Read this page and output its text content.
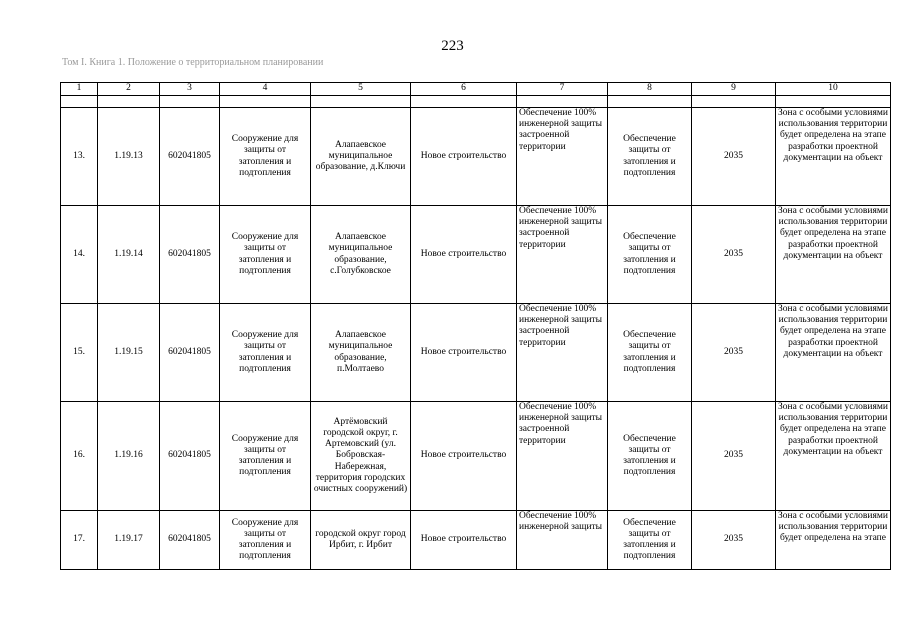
223
Том I. Книга 1. Положение о территориальном планировании
1	2	3	4	5	6	7	8	9	10

13.	1.19.13	602041805	Сооружение для защиты от затопления и подтопления	Алапаевское муниципальное образование, д.Ключи	Новое строительство	Обеспечение 100% инженерной защиты застроенной территории	Обеспечение защиты от затопления и подтопления	2035	Зона с особыми условиями использования территории будет определена на этапе разработки проектной документации на объект
14.	1.19.14	602041805	Сооружение для защиты от затопления и подтопления	Алапаевское муниципальное образование, с.Голубковское	Новое строительство	Обеспечение 100% инженерной защиты застроенной территории	Обеспечение защиты от затопления и подтопления	2035	Зона с особыми условиями использования территории будет определена на этапе разработки проектной документации на объект
15.	1.19.15	602041805	Сооружение для защиты от затопления и подтопления	Алапаевское муниципальное образование, п.Молтаево	Новое строительство	Обеспечение 100% инженерной защиты застроенной территории	Обеспечение защиты от затопления и подтопления	2035	Зона с особыми условиями использования территории будет определена на этапе разработки проектной документации на объект
16.	1.19.16	602041805	Сооружение для защиты от затопления и подтопления	Артёмовский городской округ, г. Артемовский (ул. Бобровская-Набережная, территория городских очистных сооружений)	Новое строительство	Обеспечение 100% инженерной защиты застроенной территории	Обеспечение защиты от затопления и подтопления	2035	Зона с особыми условиями использования территории будет определена на этапе разработки проектной документации на объект
17.	1.19.17	602041805	Сооружение для защиты от затопления и подтопления	городской округ город Ирбит, г. Ирбит	Новое строительство	Обеспечение 100% инженерной защиты	Обеспечение защиты от затопления и подтопления	2035	Зона с особыми условиями использования территории будет определена на этапе
